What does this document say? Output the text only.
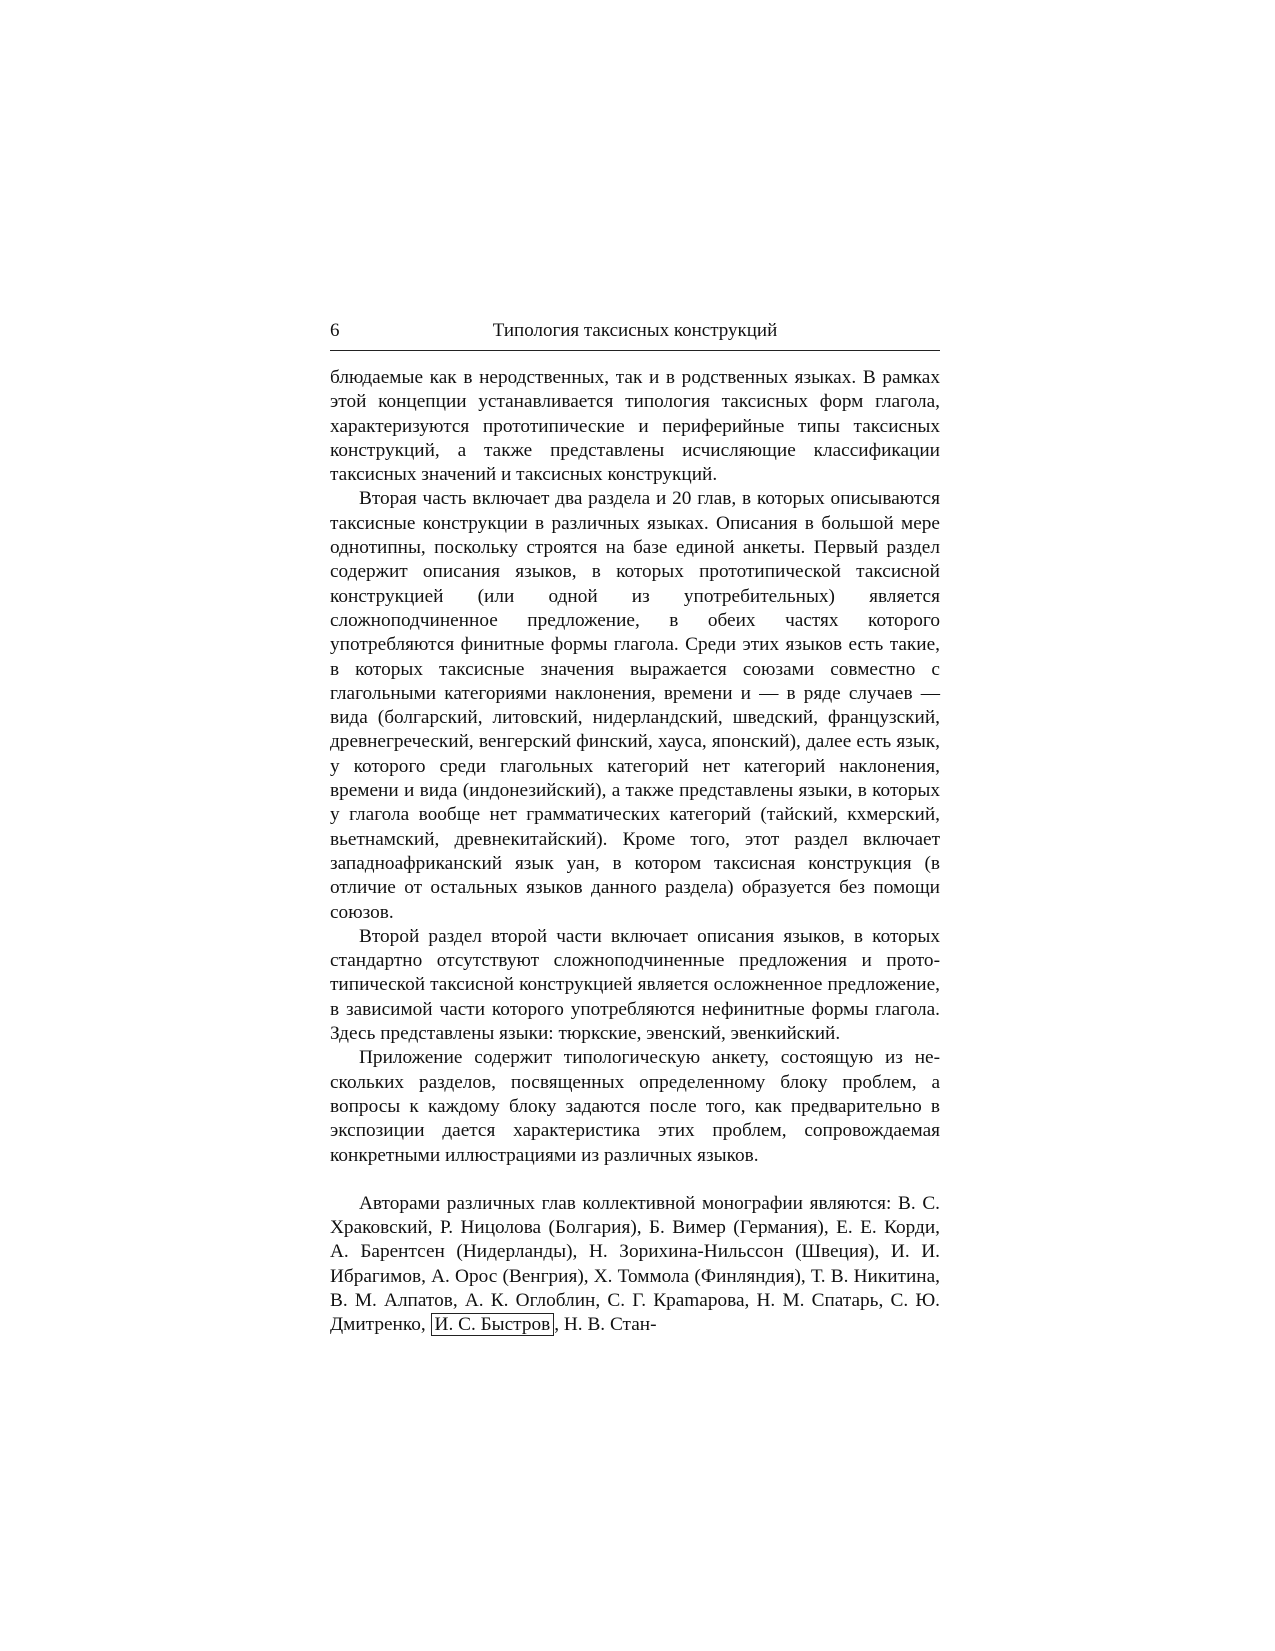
6	Типология таксисных конструкций

блюдаемые как в неродственных, так и в родственных языках. В рамках этой концепции устанавливается типология таксисных форм глагола, характеризуются прототипические и периферийные типы таксисных конструкций, а также представлены исчисляющие классификации таксисных значений и таксисных конструкций.

Вторая часть включает два раздела и 20 глав, в которых описываются таксисные конструкции в различных языках. Описания в большой мере однотипны, поскольку строятся на базе единой анкеты. Первый раздел содержит описания языков, в которых прототипической таксисной конструкцией (или одной из употребительных) является сложноподчиненное предложение, в обеих частях которого употребляются финитные формы глагола. Среди этих языков есть такие, в которых таксисные значения выражается союзами совместно с глагольными категориями наклонения, времени и — в ряде случаев — вида (болгарский, литовский, нидерландский, шведский, французский, древнегреческий, венгерский финский, хауса, японский), далее есть язык, у которого среди глагольных категорий нет категорий наклонения, времени и вида (индонезийский), а также представлены языки, в которых у глагола вообще нет грамматических категорий (тайский, кхмерский, вьетнамский, древнекитайский). Кроме того, этот раздел включает западноафриканский язык уан, в котором таксисная конструкция (в отличие от остальных языков данного раздела) образуется без помощи союзов.

Второй раздел второй части включает описания языков, в которых стандартно отсутствуют сложноподчиненные предложения и прототипической таксисной конструкцией является осложненное предложение, в зависимой части которого употребляются нефинитные формы глагола. Здесь представлены языки: тюркские, эвенский, эвенкийский.

Приложение содержит типологическую анкету, состоящую из нескольких разделов, посвященных определенному блоку проблем, а вопросы к каждому блоку задаются после того, как предварительно в экспозиции дается характеристика этих проблем, сопровождаемая конкретными иллюстрациями из различных языков.

Авторами различных глав коллективной монографии являются: В. С. Храковский, Р. Ницолова (Болгария), Б. Вимер (Германия), Е. Е. Корди, А. Барентсен (Нидерланды), Н. Зорихина-Нильссон (Швеция), И. И. Ибрагимов, А. Орос (Венгрия), Х. Томмола (Финляндия), Т. В. Никитина, В. М. Алпатов, А. К. Оглоблин, С. Г. Краmарова, Н. М. Спатарь, С. Ю. Дмитренко, И. С. Быстров , Н. В. Стан-
